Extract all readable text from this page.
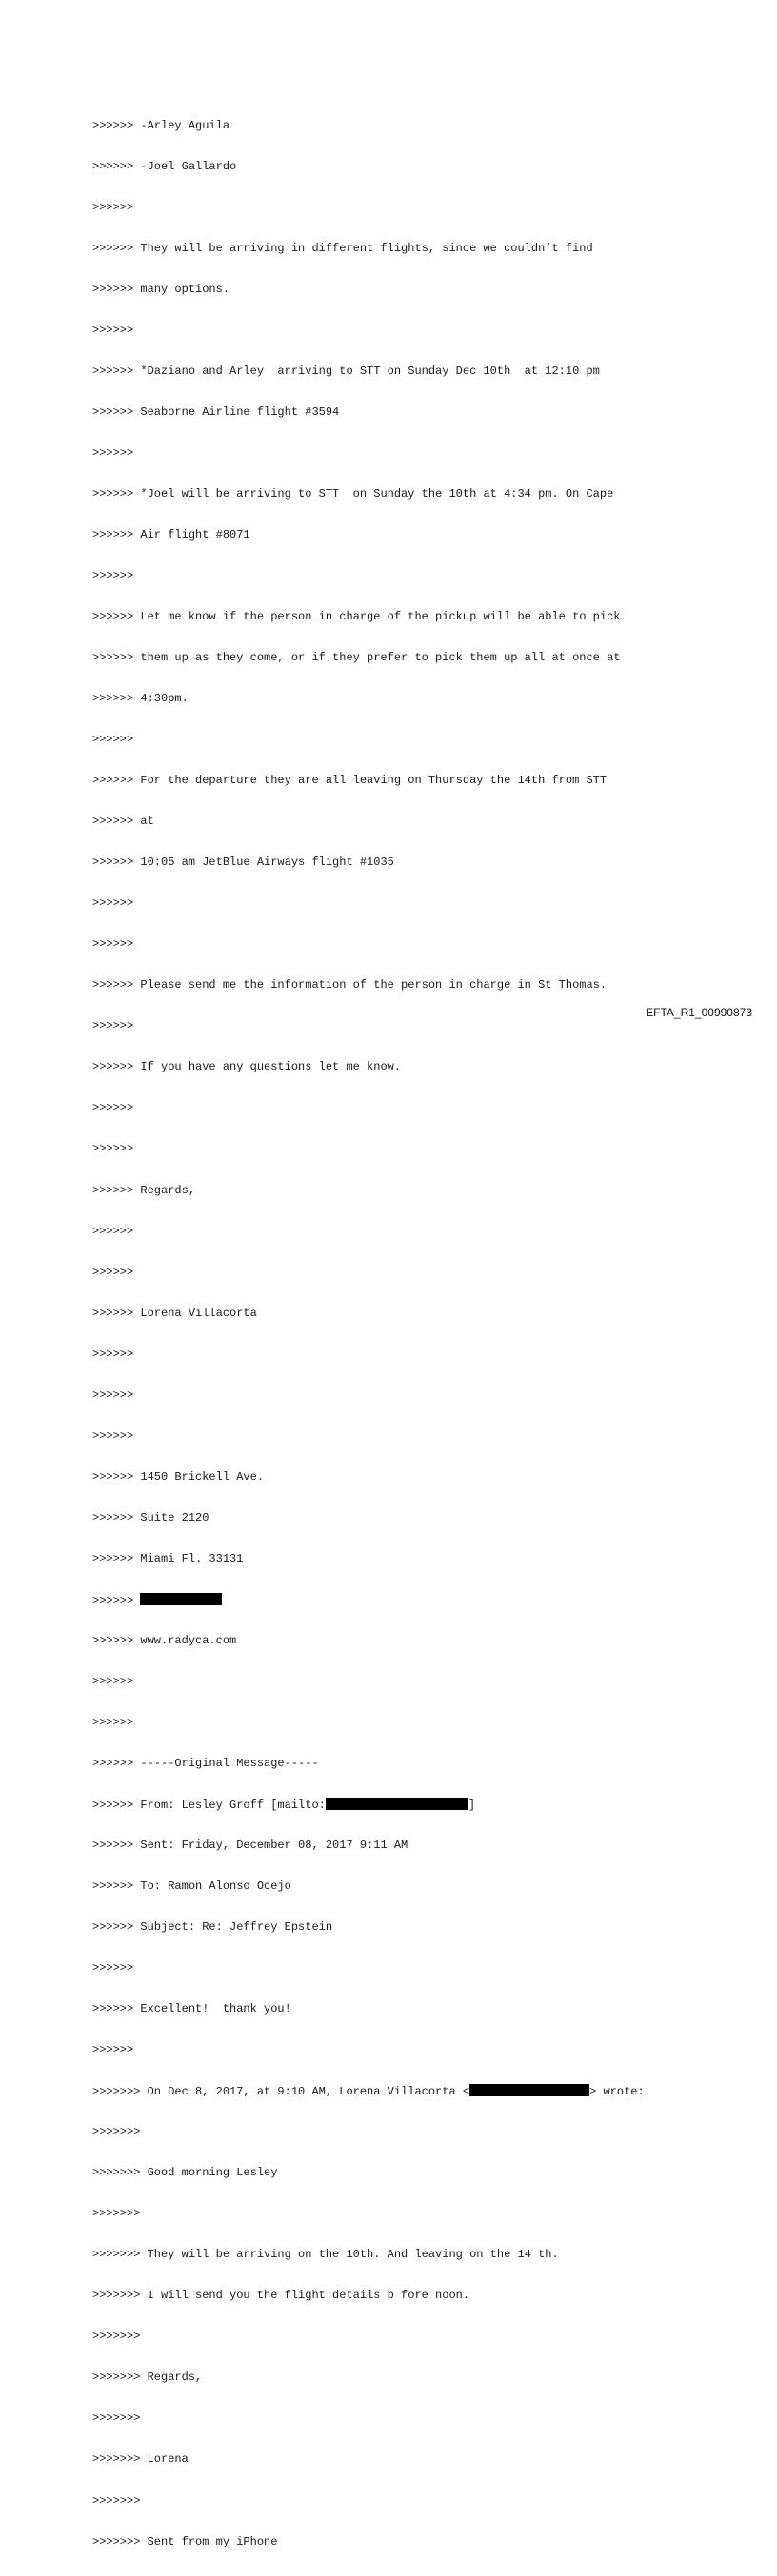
>>>>>> -Arley Aguila

>>>>>> -Joel Gallardo

>>>>>>

>>>>>> They will be arriving in different flights, since we couldn’t find

>>>>>> many options.

>>>>>>

>>>>>> *Daziano and Arley  arriving to STT on Sunday Dec 10th  at 12:10 pm

>>>>>> Seaborne Airline flight #3594

>>>>>>

>>>>>> *Joel will be arriving to STT  on Sunday the 10th at 4:34 pm. On Cape

>>>>>> Air flight #8071

>>>>>>

>>>>>> Let me know if the person in charge of the pickup will be able to pick

>>>>>> them up as they come, or if they prefer to pick them up all at once at

>>>>>> 4:30pm.

>>>>>>

>>>>>> For the departure they are all leaving on Thursday the 14th from STT

>>>>>> at

>>>>>> 10:05 am JetBlue Airways flight #1035

>>>>>>

>>>>>>

>>>>>> Please send me the information of the person in charge in St Thomas.

>>>>>>

>>>>>> If you have any questions let me know.

>>>>>>

>>>>>>

>>>>>> Regards,

>>>>>>

>>>>>>

>>>>>> Lorena Villacorta

>>>>>>

>>>>>>

>>>>>>

>>>>>> 1450 Brickell Ave.

>>>>>> Suite 2120

>>>>>> Miami Fl. 33131

>>>>>>

>>>>>> www.radyca.com

>>>>>>

>>>>>>

>>>>>> -----Original Message-----

>>>>>> From: Lesley Groff [mailto:	]

>>>>>> Sent: Friday, December 08, 2017 9:11 AM

>>>>>> To: Ramon Alonso Ocejo

>>>>>> Subject: Re: Jeffrey Epstein

>>>>>>

>>>>>> Excellent!  thank you!

>>>>>>

>>>>>>> On Dec 8, 2017, at 9:10 AM, Lorena Villacorta <	> wrote:

>>>>>>>

>>>>>>> Good morning Lesley

>>>>>>>

>>>>>>> They will be arriving on the 10th. And leaving on the 14 th.

>>>>>>> I will send you the flight details b fore noon.

>>>>>>>

>>>>>>> Regards,

>>>>>>>

>>>>>>> Lorena

>>>>>>>

>>>>>>> Sent from my iPhone

EFTA_R1_00990873
